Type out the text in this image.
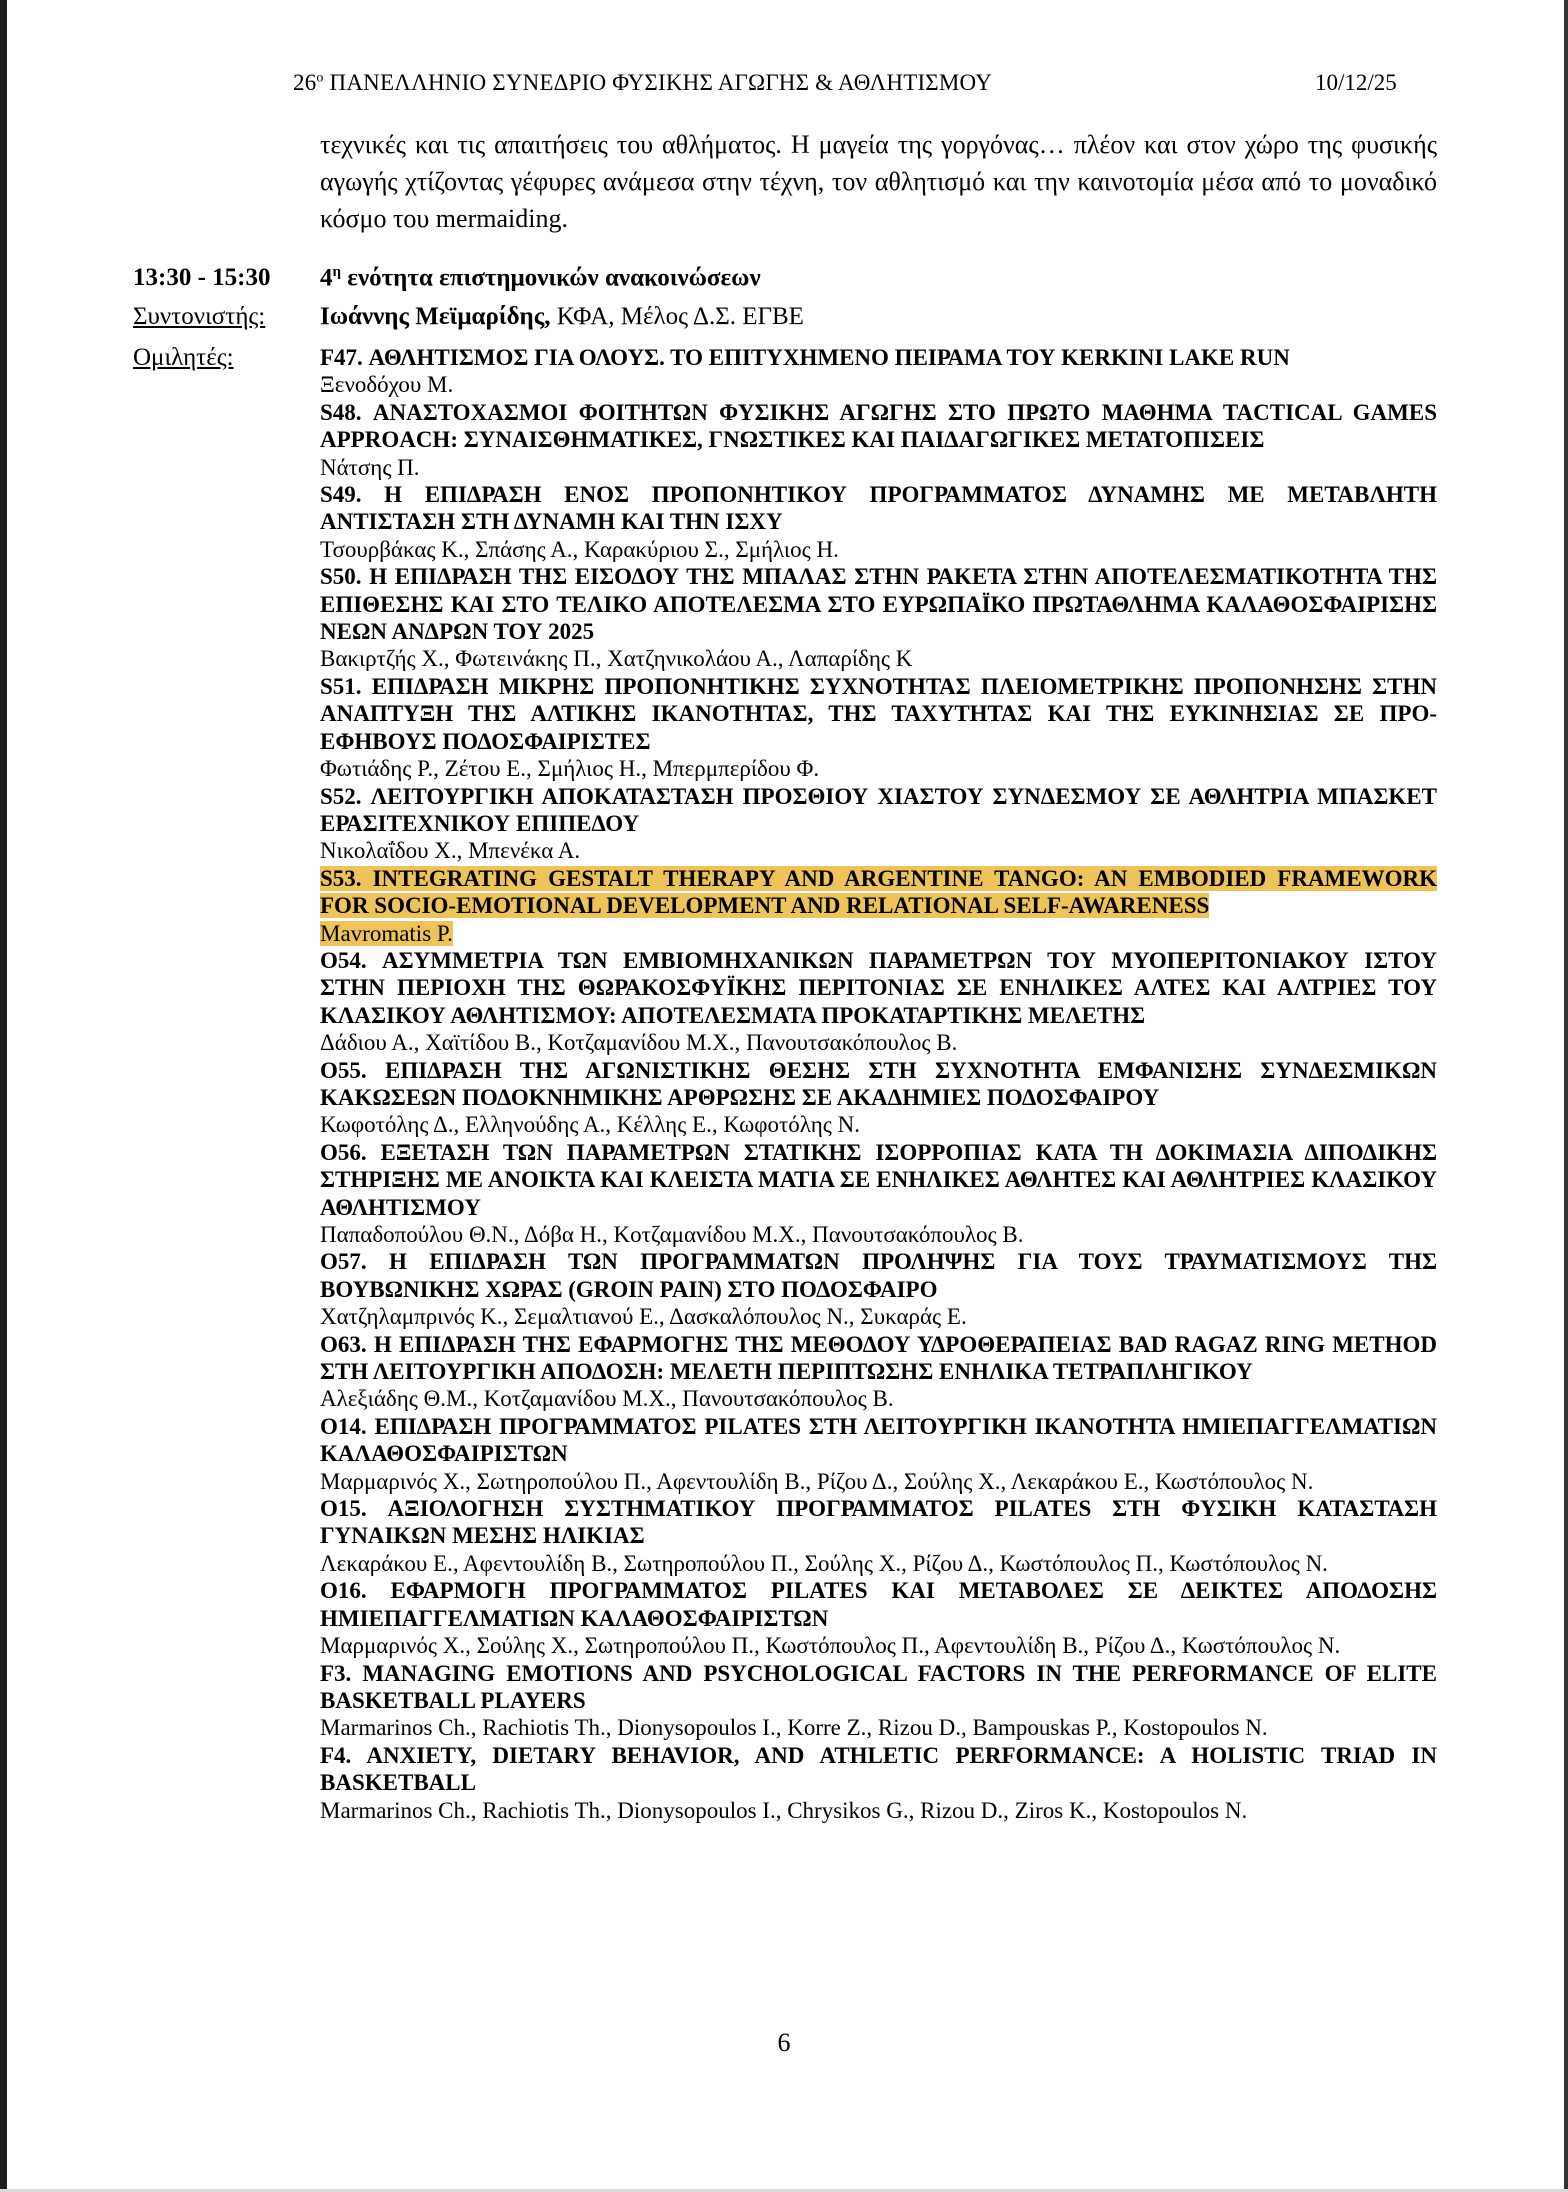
$26^o$ ΠΑΝΕΛΛΗΝΙΟ ΣΥΝΕΔΡΙΟ ΦΥΣΙΚΗΣ ΑΓΩΓΗΣ & ΑΘΛΗΤΙΣΜΟΥ	10/12/25

τεχνικές και τις απαιτήσεις του αθλήματος. Η μαγεία της γοργόνας… πλέον και στον χώρο της φυσικής αγωγής χτίζοντας γέφυρες ανάμεσα στην τέχνη, τον αθλητισμό και την καινοτομία μέσα από το μοναδικό κόσμο του mermaiding.

13:30 - 15:30	$4^\eta$ ενότητα επιστημονικών ανακοινώσεων

Συντονιστής:	Ιωάννης Μεϊμαρίδης, ΚΦΑ, Μέλος Δ.Σ. ΕΓΒΕ

Ομιλητές:	F47. ΑΘΛΗΤΙΣΜΟΣ ΓΙΑ ΟΛΟΥΣ. ΤΟ ΕΠΙΤΥΧΗΜΕΝΟ ΠΕΙΡΑΜΑ ΤΟΥ KERKINI LAKE RUN

Ξενοδόχου Μ.

S48. ΑΝΑΣΤΟΧΑΣΜΟΙ ΦΟΙΤΗΤΩΝ ΦΥΣΙΚΗΣ ΑΓΩΓΗΣ ΣΤΟ ΠΡΩΤΟ ΜΑΘΗΜΑ TACTICAL GAMES APPROACH: ΣΥΝΑΙΣΘΗΜΑΤΙΚΕΣ, ΓΝΩΣΤΙΚΕΣ ΚΑΙ ΠΑΙΔΑΓΩΓΙΚΕΣ ΜΕΤΑΤΟΠΙΣΕΙΣ

Νάτσης Π.

S49. Η ΕΠΙΔΡΑΣΗ ΕΝΟΣ ΠΡΟΠΟΝΗΤΙΚΟΥ ΠΡΟΓΡΑΜΜΑΤΟΣ ΔΥΝΑΜΗΣ ΜΕ ΜΕΤΑΒΛΗΤΗ ΑΝΤΙΣΤΑΣΗ ΣΤΗ ΔΥΝΑΜΗ ΚΑΙ ΤΗΝ ΙΣΧΥ

Τσουρβάκας Κ., Σπάσης Α., Καρακύριου Σ., Σμήλιος Η.

S50. Η ΕΠΙΔΡΑΣΗ ΤΗΣ ΕΙΣΟΔΟΥ ΤΗΣ ΜΠΑΛΑΣ ΣΤΗΝ ΡΑΚΕΤΑ ΣΤΗΝ ΑΠΟΤΕΛΕΣΜΑΤΙΚΟΤΗΤΑ ΤΗΣ ΕΠΙΘΕΣΗΣ ΚΑΙ ΣΤΟ ΤΕΛΙΚΟ ΑΠΟΤΕΛΕΣΜΑ ΣΤΟ ΕΥΡΩΠΑΪΚΟ ΠΡΩΤΑΘΛΗΜΑ ΚΑΛΑΘΟΣΦΑΙΡΙΣΗΣ ΝΕΩΝ ΑΝΔΡΩΝ ΤΟΥ 2025

Βακιρτζής Χ., Φωτεινάκης Π., Χατζηνικολάου Α., Λαπαρίδης Κ

S51. ΕΠΙΔΡΑΣΗ ΜΙΚΡΗΣ ΠΡΟΠΟΝΗΤΙΚΗΣ ΣΥΧΝΟΤΗΤΑΣ ΠΛΕΙΟΜΕΤΡΙΚΗΣ ΠΡΟΠΟΝΗΣΗΣ ΣΤΗΝ ΑΝΑΠΤΥΞΗ ΤΗΣ ΑΛΤΙΚΗΣ ΙΚΑΝΟΤΗΤΑΣ, ΤΗΣ ΤΑΧΥΤΗΤΑΣ ΚΑΙ ΤΗΣ ΕΥΚΙΝΗΣΙΑΣ ΣΕ ΠΡΟ-ΕΦΗΒΟΥΣ ΠΟΔΟΣΦΑΙΡΙΣΤΕΣ

Φωτιάδης Ρ., Ζέτου Ε., Σμήλιος Η., Μπερμπερίδου Φ.

S52. ΛΕΙΤΟΥΡΓΙΚΗ ΑΠΟΚΑΤΑΣΤΑΣΗ ΠΡΟΣΘΙΟΥ ΧΙΑΣΤΟΥ ΣΥΝΔΕΣΜΟΥ ΣΕ ΑΘΛΗΤΡΙΑ ΜΠΑΣΚΕΤ ΕΡΑΣΙΤΕΧΝΙΚΟΥ ΕΠΙΠΕΔΟΥ

Νικολαΐδου Χ., Μπενέκα Α.

S53. INTEGRATING GESTALT THERAPY AND ARGENTINE TANGO: AN EMBODIED FRAMEWORK FOR SOCIO-EMOTIONAL DEVELOPMENT AND RELATIONAL SELF-AWARENESS

Mavromatis P.

O54. ΑΣΥΜΜΕΤΡΙΑ ΤΩΝ ΕΜΒΙΟΜΗΧΑΝΙΚΩΝ ΠΑΡΑΜΕΤΡΩΝ ΤΟΥ ΜΥΟΠΕΡΙΤΟΝΙΑΚΟΥ ΙΣΤΟΥ ΣΤΗΝ ΠΕΡΙΟΧΗ ΤΗΣ ΘΩΡΑΚΟΣΦΥΪΚΗΣ ΠΕΡΙΤΟΝΙΑΣ ΣΕ ΕΝΗΛΙΚΕΣ ΑΛΤΕΣ ΚΑΙ ΑΛΤΡΙΕΣ ΤΟΥ ΚΛΑΣΙΚΟΥ ΑΘΛΗΤΙΣΜΟΥ: ΑΠΟΤΕΛΕΣΜΑΤΑ ΠΡΟΚΑΤΑΡΤΙΚΗΣ ΜΕΛΕΤΗΣ

Δάδιου Α., Χαϊτίδου Β., Κοτζαμανίδου Μ.Χ., Πανουτσακόπουλος Β.

O55. ΕΠΙΔΡΑΣΗ ΤΗΣ ΑΓΩΝΙΣΤΙΚΗΣ ΘΕΣΗΣ ΣΤΗ ΣΥΧΝΟΤΗΤΑ ΕΜΦΑΝΙΣΗΣ ΣΥΝΔΕΣΜΙΚΩΝ ΚΑΚΩΣΕΩΝ ΠΟΔΟΚΝΗΜΙΚΗΣ ΑΡΘΡΩΣΗΣ ΣΕ ΑΚΑΔΗΜΙΕΣ ΠΟΔΟΣΦΑΙΡΟΥ

Κωφοτόλης Δ., Ελληνούδης Α., Κέλλης Ε., Κωφοτόλης Ν.

O56. ΕΞΕΤΑΣΗ ΤΩΝ ΠΑΡΑΜΕΤΡΩΝ ΣΤΑΤΙΚΗΣ ΙΣΟΡΡΟΠΙΑΣ ΚΑΤΑ ΤΗ ΔΟΚΙΜΑΣΙΑ ΔΙΠΟΔΙΚΗΣ ΣΤΗΡΙΞΗΣ ΜΕ ΑΝΟΙΚΤΑ ΚΑΙ ΚΛΕΙΣΤΑ ΜΑΤΙΑ ΣΕ ΕΝΗΛΙΚΕΣ ΑΘΛΗΤΕΣ ΚΑΙ ΑΘΛΗΤΡΙΕΣ ΚΛΑΣΙΚΟΥ ΑΘΛΗΤΙΣΜΟΥ

Παπαδοπούλου Θ.Ν., Δόβα Η., Κοτζαμανίδου Μ.Χ., Πανουτσακόπουλος Β.

O57. Η ΕΠΙΔΡΑΣΗ ΤΩΝ ΠΡΟΓΡΑΜΜΑΤΩΝ ΠΡΟΛΗΨΗΣ ΓΙΑ ΤΟΥΣ ΤΡΑΥΜΑΤΙΣΜΟΥΣ ΤΗΣ ΒΟΥΒΩΝΙΚΗΣ ΧΩΡΑΣ (GROIN PAIN) ΣΤΟ ΠΟΔΟΣΦΑΙΡΟ

Χατζηλαμπρινός Κ., Σεμαλτιανού Ε., Δασκαλόπουλος Ν., Συκαράς Ε.

O63. Η ΕΠΙΔΡΑΣΗ ΤΗΣ ΕΦΑΡΜΟΓΗΣ ΤΗΣ ΜΕΘΟΔΟΥ ΥΔΡΟΘΕΡΑΠΕΙΑΣ BAD RAGAZ RING METHOD ΣΤΗ ΛΕΙΤΟΥΡΓΙΚΗ ΑΠΟΔΟΣΗ: ΜΕΛΕΤΗ ΠΕΡΙΠΤΩΣΗΣ ΕΝΗΛΙΚΑ ΤΕΤΡΑΠΛΗΓΙΚΟΥ

Αλεξιάδης Θ.Μ., Κοτζαμανίδου Μ.Χ., Πανουτσακόπουλος Β.

O14. ΕΠΙΔΡΑΣΗ ΠΡΟΓΡΑΜΜΑΤΟΣ PILATES ΣΤΗ ΛΕΙΤΟΥΡΓΙΚΗ ΙΚΑΝΟΤΗΤΑ ΗΜΙΕΠΑΓΓΕΛΜΑΤΙΩΝ ΚΑΛΑΘΟΣΦΑΙΡΙΣΤΩΝ

Μαρμαρινός Χ., Σωτηροπούλου Π., Αφεντουλίδη Β., Ρίζου Δ., Σούλης Χ., Λεκαράκου Ε., Κωστόπουλος Ν.

O15. ΑΞΙΟΛΟΓΗΣΗ ΣΥΣΤΗΜΑΤΙΚΟΥ ΠΡΟΓΡΑΜΜΑΤΟΣ PILATES ΣΤΗ ΦΥΣΙΚΗ ΚΑΤΑΣΤΑΣΗ ΓΥΝΑΙΚΩΝ ΜΕΣΗΣ ΗΛΙΚΙΑΣ

Λεκαράκου Ε., Αφεντουλίδη Β., Σωτηροπούλου Π., Σούλης Χ., Ρίζου Δ., Κωστόπουλος Π., Κωστόπουλος Ν.

O16. ΕΦΑΡΜΟΓΗ ΠΡΟΓΡΑΜΜΑΤΟΣ PILATES ΚΑΙ ΜΕΤΑΒΟΛΕΣ ΣΕ ΔΕΙΚΤΕΣ ΑΠΟΔΟΣΗΣ ΗΜΙΕΠΑΓΓΕΛΜΑΤΙΩΝ ΚΑΛΑΘΟΣΦΑΙΡΙΣΤΩΝ

Μαρμαρινός Χ., Σούλης Χ., Σωτηροπούλου Π., Κωστόπουλος Π., Αφεντουλίδη Β., Ρίζου Δ., Κωστόπουλος Ν.

F3. MANAGING EMOTIONS AND PSYCHOLOGICAL FACTORS IN THE PERFORMANCE OF ELITE BASKETBALL PLAYERS

Marmarinos Ch., Rachiotis Th., Dionysopoulos I., Korre Z., Rizou D., Bampouskas P., Kostopoulos N.

F4. ANXIETY, DIETARY BEHAVIOR, AND ATHLETIC PERFORMANCE: A HOLISTIC TRIAD IN BASKETBALL

Marmarinos Ch., Rachiotis Th., Dionysopoulos I., Chrysikos G., Rizou D., Ziros K., Kostopoulos N.

6
